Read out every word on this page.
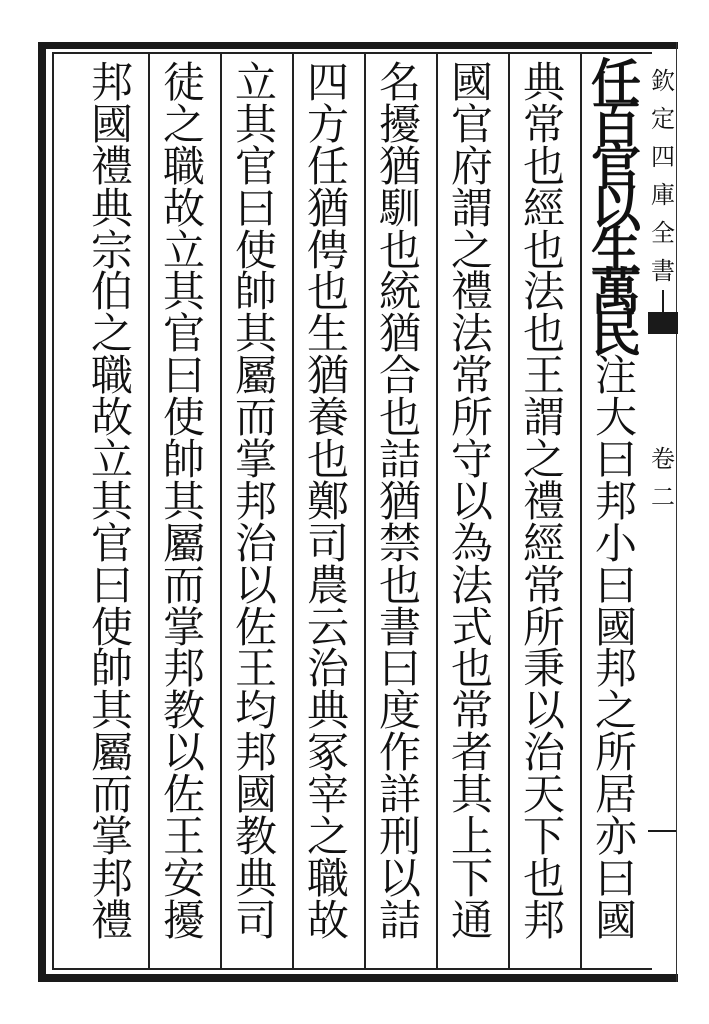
任
百
官
以
生
萬
民
注
大
曰
邦
小
曰
國
邦
之
所
居
亦
曰
國
典
常
也
經
也
法
也
王
謂
之
禮
經
常
所
秉
以
治
天
下
也
邦
國
官
府
謂
之
禮
法
常
所
守
以
為
法
式
也
常
者
其
上
下
通
名
擾
猶
馴
也
統
猶
合
也
詰
猶
禁
也
書
曰
度
作
詳
刑
以
詰
四
方
任
猶
俜
也
生
猶
養
也
鄭
司
農
云
治
典
冢
宰
之
職
故
立
其
官
曰
使
帥
其
屬
而
掌
邦
治
以
佐
王
均
邦
國
教
典
司
徒
之
職
故
立
其
官
曰
使
帥
其
屬
而
掌
邦
教
以
佐
王
安
擾
邦
國
禮
典
宗
伯
之
職
故
立
其
官
曰
使
帥
其
屬
而
掌
邦
禮
欽
定
四
庫
全
書
卷
二
